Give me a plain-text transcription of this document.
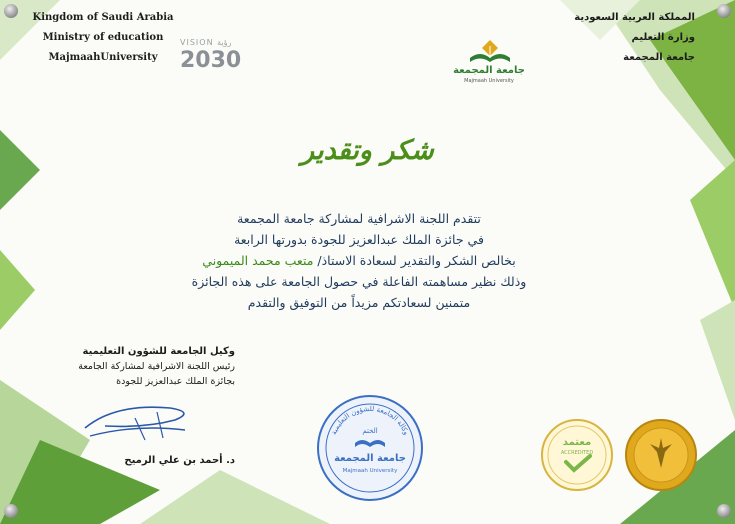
Kingdom of Saudi Arabia
Ministry of education
MajmaahUniversity
المملكة العربية السعودية
وزارة التعليم
جامعة المجمعة
VISION رؤية
2030	جامعة المجمعة
Majmaah University
شكر وتقدير
تتقدم اللجنة الاشرافية لمشاركة جامعة المجمعة
في جائزة الملك عبدالعزيز للجودة بدورتها الرابعة
بخالص الشكر والتقدير لسعادة الاستاذ/ متعب محمد الميموني
وذلك نظير مساهمته الفاعلة في حصول الجامعة على هذه الجائزة
متمنين لسعادتكم مزيداً من التوفيق والتقدم
وكيل الجامعة للشؤون التعليمية
رئيس اللجنة الاشرافية لمشاركة الجامعة
بجائزة الملك عبدالعزيز للجودة
د. أحمد بن علي الرميح
وكالة الجامعة للشؤون التعليمية
الختم
جامعة المجمعة
Majmaah University
معتمد
ACCREDITED
